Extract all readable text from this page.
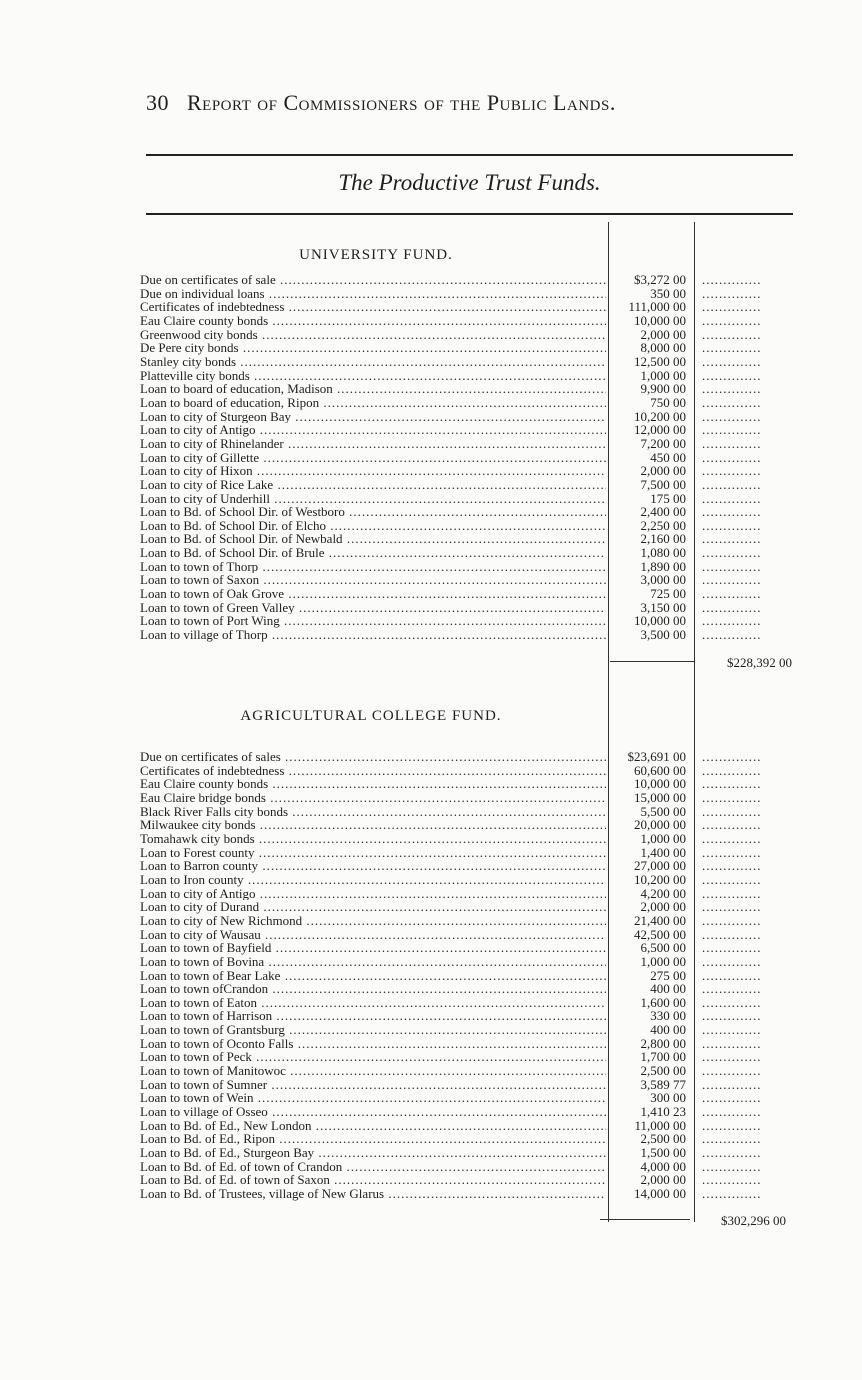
30 Report of Commissioners of the Public Lands.
The Productive Trust Funds.
UNIVERSITY FUND.
Due on certificates of sale .....	$3,272 00 ..............
Due on individual loans .....	350 00 ..............
Certificates of indebtedness .....	111,000 00 ..............
Eau Claire county bonds .....	10,000 00 ..............
Greenwood city bonds .....	2,000 00 ..............
De Pere city bonds .....	8,000 00 ..............
Stanley city bonds .....	12,500 00 ..............
Platteville city bonds .....	1,000 00 ..............
Loan to board of education, Madison .....	9,900 00 ..............
Loan to board of education, Ripon .....	750 00 ..............
Loan to city of Sturgeon Bay .....	10,200 00 ..............
Loan to city of Antigo .....	12,000 00 ..............
Loan to city of Rhinelander .....	7,200 00 ..............
Loan to city of Gillette .....	450 00 ..............
Loan to city of Hixon .....	2,000 00 ..............
Loan to city of Rice Lake .....	7,500 00 ..............
Loan to city of Underhill .....	175 00 ..............
Loan to Bd. of School Dir. of Westboro .....	2,400 00 ..............
Loan to Bd. of School Dir. of Elcho .....	2,250 00 ..............
Loan to Bd. of School Dir. of Newbald .....	2,160 00 ..............
Loan to Bd. of School Dir. of Brule .....	1,080 00 ..............
Loan to town of Thorp .....	1,890 00 ..............
Loan to town of Saxon .....	3,000 00 ..............
Loan to town of Oak Grove .....	725 00 ..............
Loan to town of Green Valley .....	3,150 00 ..............
Loan to town of Port Wing .....	10,000 00 ..............
Loan to village of Thorp .....	3,500 00 ..............
$228,392 00
AGRICULTURAL COLLEGE FUND.
Due on certificates of sales .....	$23,691 00 ..............
Certificates of indebtedness .....	60,600 00 ..............
Eau Claire county bonds .....	10,000 00 ..............
Eau Claire bridge bonds .....	15,000 00 ..............
Black River Falls city bonds .....	5,500 00 ..............
Milwaukee city bonds .....	20,000 00 ..............
Tomahawk city bonds .....	1,000 00 ..............
Loan to Forest county .....	1,400 00 ..............
Loan to Barron county .....	27,000 00 ..............
Loan to Iron county .....	10,200 00 ..............
Loan to city of Antigo .....	4,200 00 ..............
Loan to city of Durand .....	2,000 00 ..............
Loan to city of New Richmond .....	21,400 00 ..............
Loan to city of Wausau .....	42,500 00 ..............
Loan to town of Bayfield .....	6,500 00 ..............
Loan to town of Bovina .....	1,000 00 ..............
Loan to town of Bear Lake .....	275 00 ..............
Loan to town ofCrandon .....	400 00 ..............
Loan to town of Eaton .....	1,600 00 ..............
Loan to town of Harrison .....	330 00 ..............
Loan to town of Grantsburg .....	400 00 ..............
Loan to town of Oconto Falls .....	2,800 00 ..............
Loan to town of Peck .....	1,700 00 ..............
Loan to town of Manitowoc .....	2,500 00 ..............
Loan to town of Sumner .....	3,589 77 ..............
Loan to town of Wein .....	300 00 ..............
Loan to village of Osseo .....	1,410 23 ..............
Loan to Bd. of Ed., New London .....	11,000 00 ..............
Loan to Bd. of Ed., Ripon .....	2,500 00 ..............
Loan to Bd. of Ed., Sturgeon Bay .....	1,500 00 ..............
Loan to Bd. of Ed. of town of Crandon .....	4,000 00 ..............
Loan to Bd. of Ed. of town of Saxon .....	2,000 00 ..............
Loan to Bd. of Trustees, village of New Glarus .....	14,000 00 ..............
$302,296 00
